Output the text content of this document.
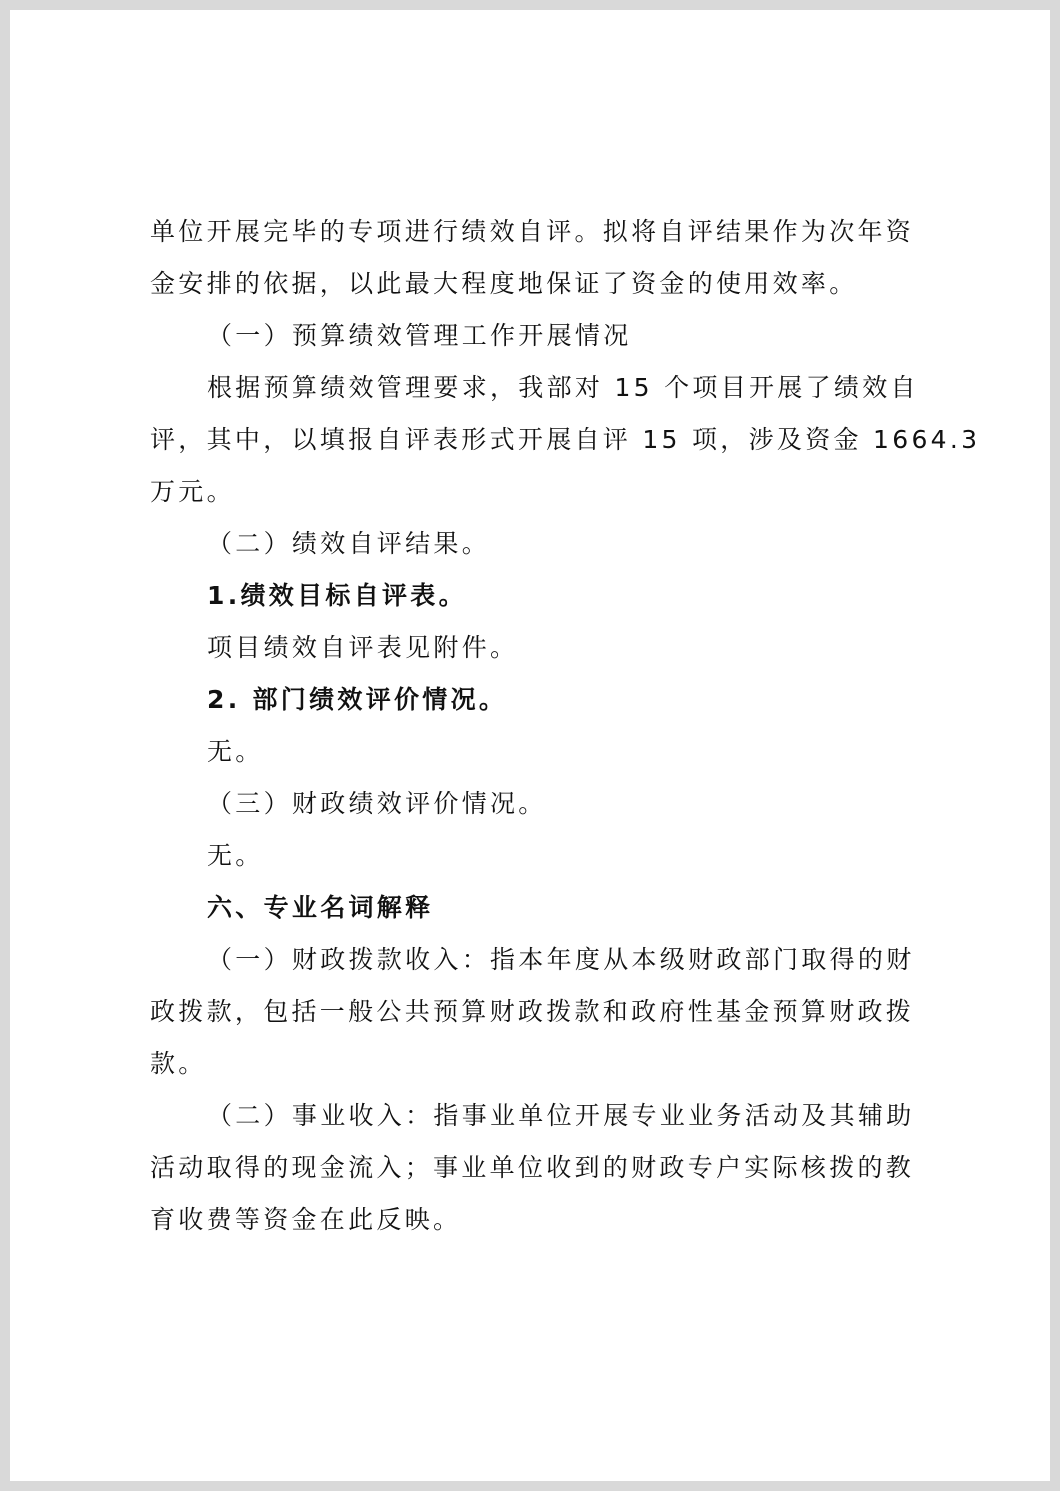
单位开展完毕的专项进行绩效自评。拟将自评结果作为次年资
金安排的依据，以此最大程度地保证了资金的使用效率。
（一）预算绩效管理工作开展情况
根据预算绩效管理要求，我部对 15 个项目开展了绩效自
评，其中，以填报自评表形式开展自评 15 项，涉及资金 1664.3
万元。
（二）绩效自评结果。
1.绩效目标自评表。
项目绩效自评表见附件。
2. 部门绩效评价情况。
无。
（三）财政绩效评价情况。
无。
六、专业名词解释
（一）财政拨款收入：指本年度从本级财政部门取得的财
政拨款，包括一般公共预算财政拨款和政府性基金预算财政拨
款。
（二）事业收入：指事业单位开展专业业务活动及其辅助
活动取得的现金流入；事业单位收到的财政专户实际核拨的教
育收费等资金在此反映。
